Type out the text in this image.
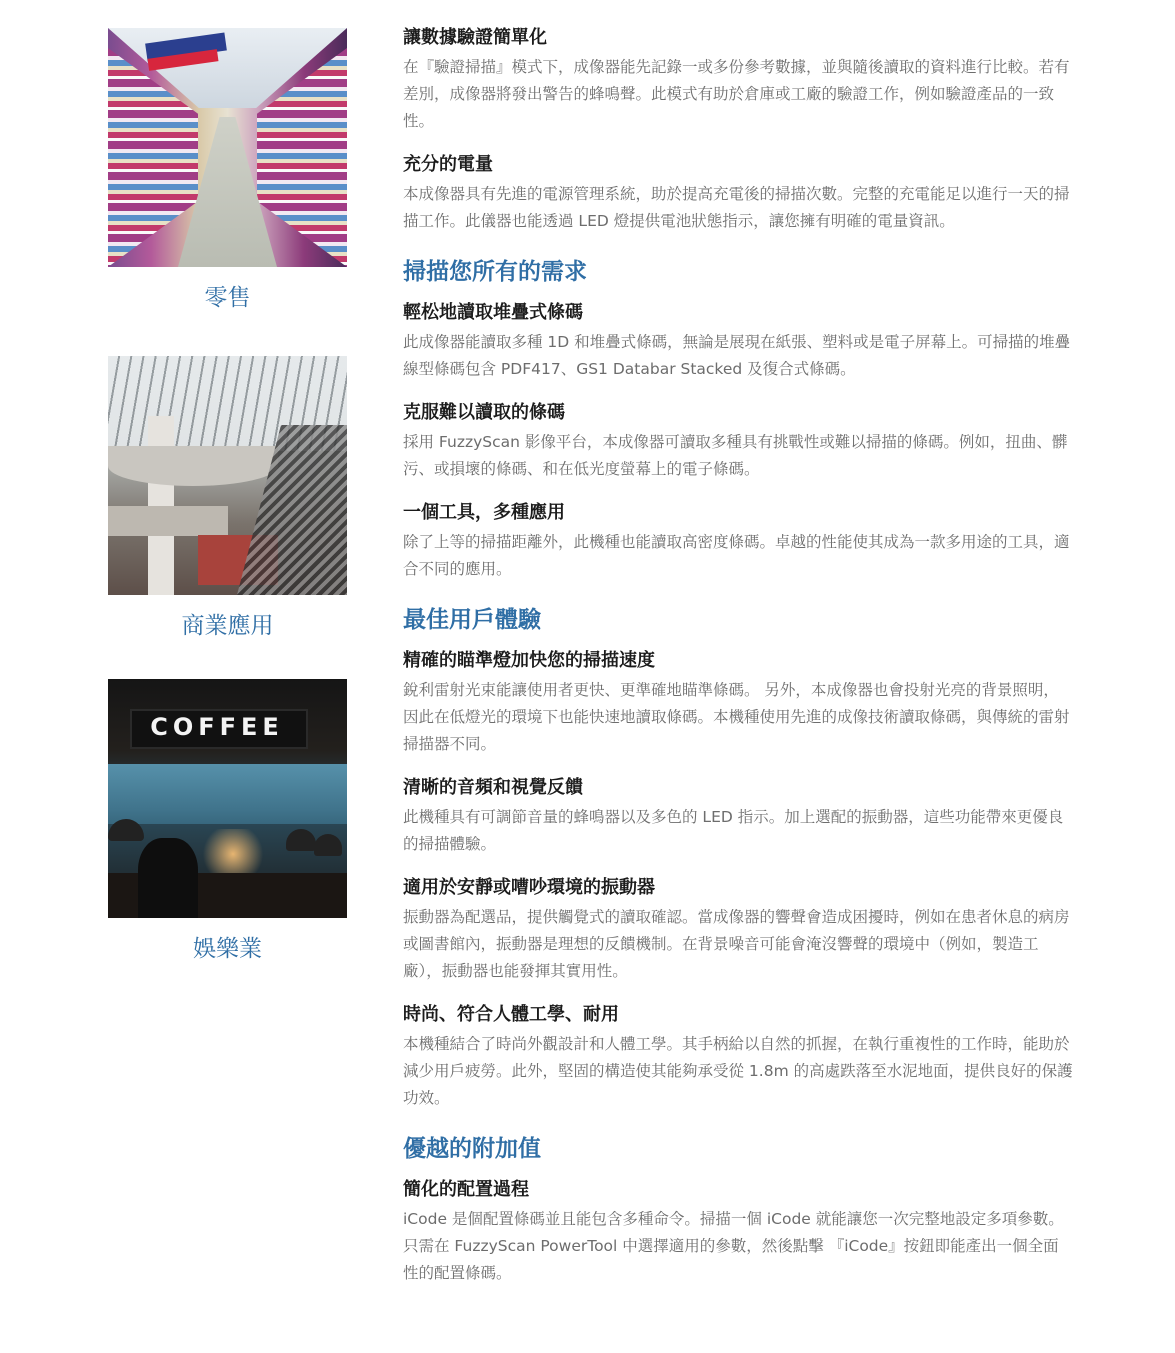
零售
商業應用
COFFEE
娛樂業
讓數據驗證簡單化

在『驗證掃描』模式下，成像器能先記錄一或多份參考數據，並與隨後讀取的資料進行比較。若有差別，成像器將發出警告的蜂鳴聲。此模式有助於倉庫或工廠的驗證工作，例如驗證產品的一致性。

充分的電量

本成像器具有先進的電源管理系統，助於提高充電後的掃描次數。完整的充電能足以進行一天的掃描工作。此儀器也能透過 LED 燈提供電池狀態指示，讓您擁有明確的電量資訊。

掃描您所有的需求
輕松地讀取堆疊式條碼

此成像器能讀取多種 1D 和堆疊式條碼，無論是展現在紙張、塑料或是電子屏幕上。可掃描的堆疊線型條碼包含 PDF417、GS1 Databar Stacked 及復合式條碼。

克服難以讀取的條碼

採用 FuzzyScan 影像平台，本成像器可讀取多種具有挑戰性或難以掃描的條碼。例如，扭曲、髒污、或損壞的條碼、和在低光度螢幕上的電子條碼。

一個工具，多種應用

除了上等的掃描距離外，此機種也能讀取高密度條碼。卓越的性能使其成為一款多用途的工具，適合不同的應用。

最佳用戶體驗
精確的瞄準燈加快您的掃描速度

銳利雷射光束能讓使用者更快、更準確地瞄準條碼。 另外，本成像器也會投射光亮的背景照明，因此在低燈光的環境下也能快速地讀取條碼。本機種使用先進的成像技術讀取條碼，與傳統的雷射掃描器不同。

清晰的音頻和視覺反饋

此機種具有可調節音量的蜂鳴器以及多色的 LED 指示。加上選配的振動器，這些功能帶來更優良的掃描體驗。

適用於安靜或嘈吵環境的振動器

振動器為配選品，提供觸覺式的讀取確認。當成像器的響聲會造成困擾時，例如在患者休息的病房或圖書館內，振動器是理想的反饋機制。在背景噪音可能會淹沒響聲的環境中（例如，製造工廠），振動器也能發揮其實用性。

時尚、符合人體工學、耐用

本機種結合了時尚外觀設計和人體工學。其手柄給以自然的抓握，在執行重複性的工作時，能助於減少用戶疲勞。此外，堅固的構造使其能夠承受從 1.8m 的高處跌落至水泥地面，提供良好的保護功效。

優越的附加值
簡化的配置過程

iCode 是個配置條碼並且能包含多種命令。掃描一個 iCode 就能讓您一次完整地設定多項參數。只需在 FuzzyScan PowerTool 中選擇適用的參數，然後點擊 『iCode』按鈕即能產出一個全面性的配置條碼。
